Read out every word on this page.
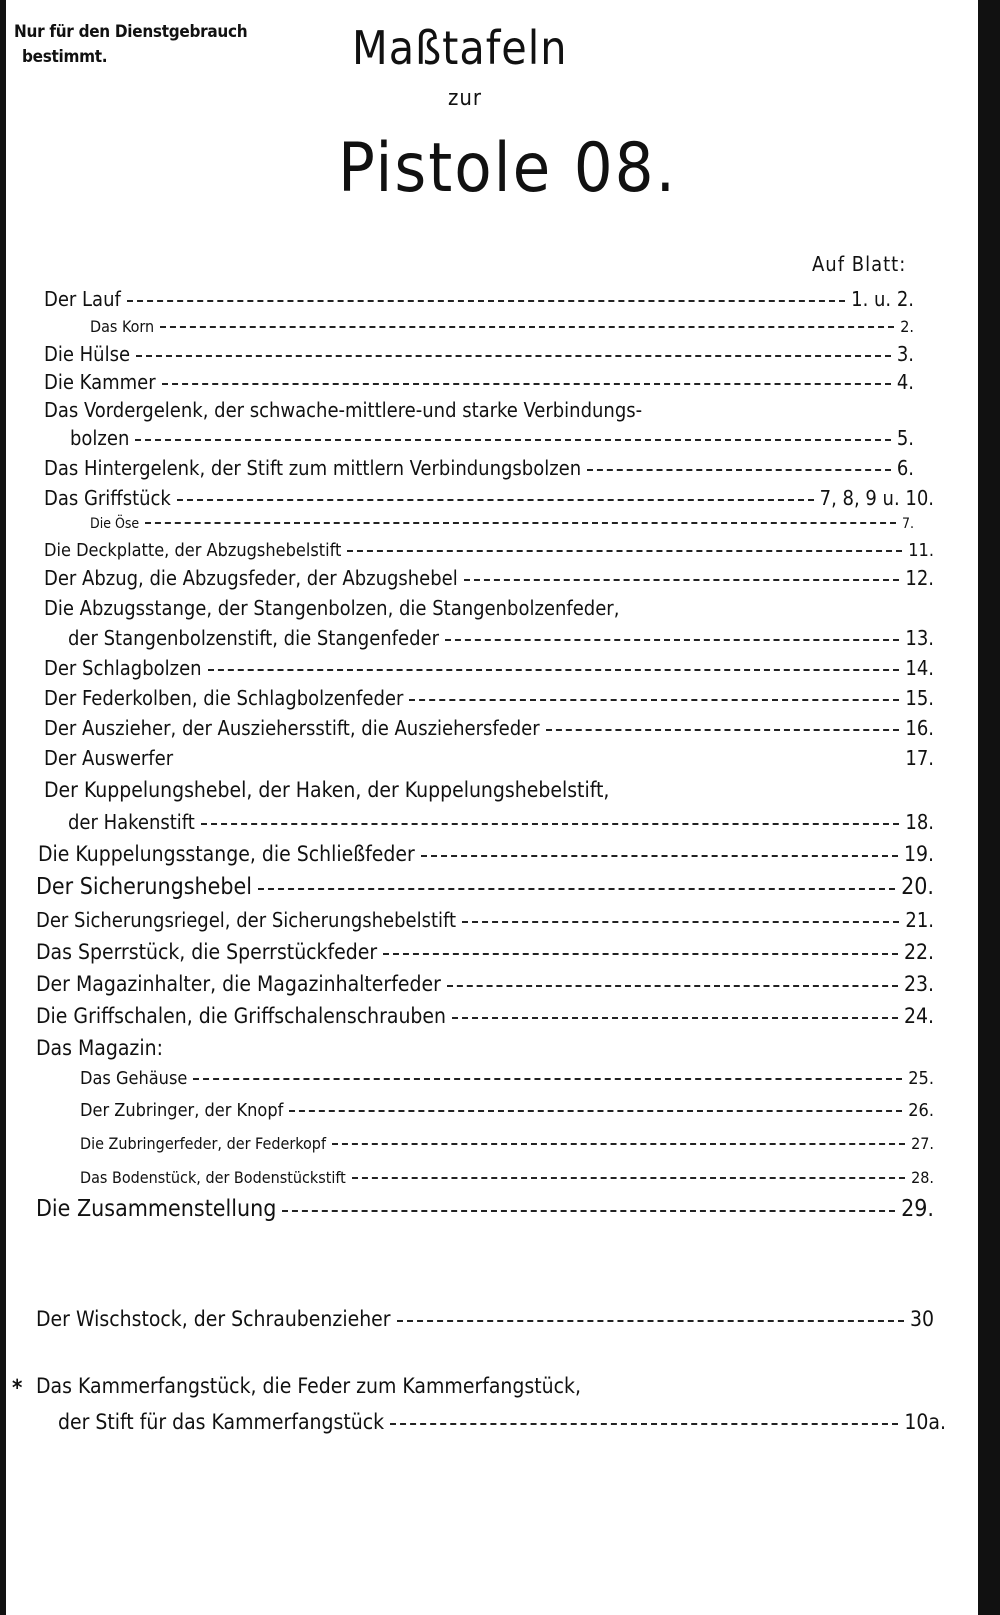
Nur für den Dienstgebrauch
bestimmt.	Maßtafeln
zur
Pistole 08.
Auf Blatt:
Der Lauf	1. u. 2.
Das Korn	2.
Die Hülse	3.
Die Kammer	4.
Das Vordergelenk, der schwache-mittlere-und starke Verbindungs-
bolzen	5.
Das Hintergelenk, der Stift zum mittlern Verbindungsbolzen	6.
Das Griffstück	7, 8, 9 u. 10.
Die Öse	7.
Die Deckplatte, der Abzugshebelstift	11.
Der Abzug, die Abzugsfeder, der Abzugshebel	12.
Die Abzugsstange, der Stangenbolzen, die Stangenbolzenfeder,
der Stangenbolzenstift, die Stangenfeder	13.
Der Schlagbolzen	14.
Der Federkolben, die Schlagbolzenfeder	15.
Der Auszieher, der Ausziehersstift, die Ausziehersfeder	16.
Der Auswerfer	17.
Der Kuppelungshebel, der Haken, der Kuppelungshebelstift,
der Hakenstift	18.
Die Kuppelungsstange, die Schließfeder	19.
Der Sicherungshebel	20.
Der Sicherungsriegel, der Sicherungshebelstift	21.
Das Sperrstück, die Sperrstückfeder	22.
Der Magazinhalter, die Magazinhalterfeder	23.
Die Griffschalen, die Griffschalenschrauben	24.
Das Magazin:
Das Gehäuse	25.
Der Zubringer, der Knopf	26.
Die Zubringerfeder, der Federkopf	27.
Das Bodenstück, der Bodenstückstift	28.
Die Zusammenstellung	29.
Der Wischstock, der Schraubenzieher	30
* Das Kammerfangstück, die Feder zum Kammerfangstück,
der Stift für das Kammerfangstück	10a.
